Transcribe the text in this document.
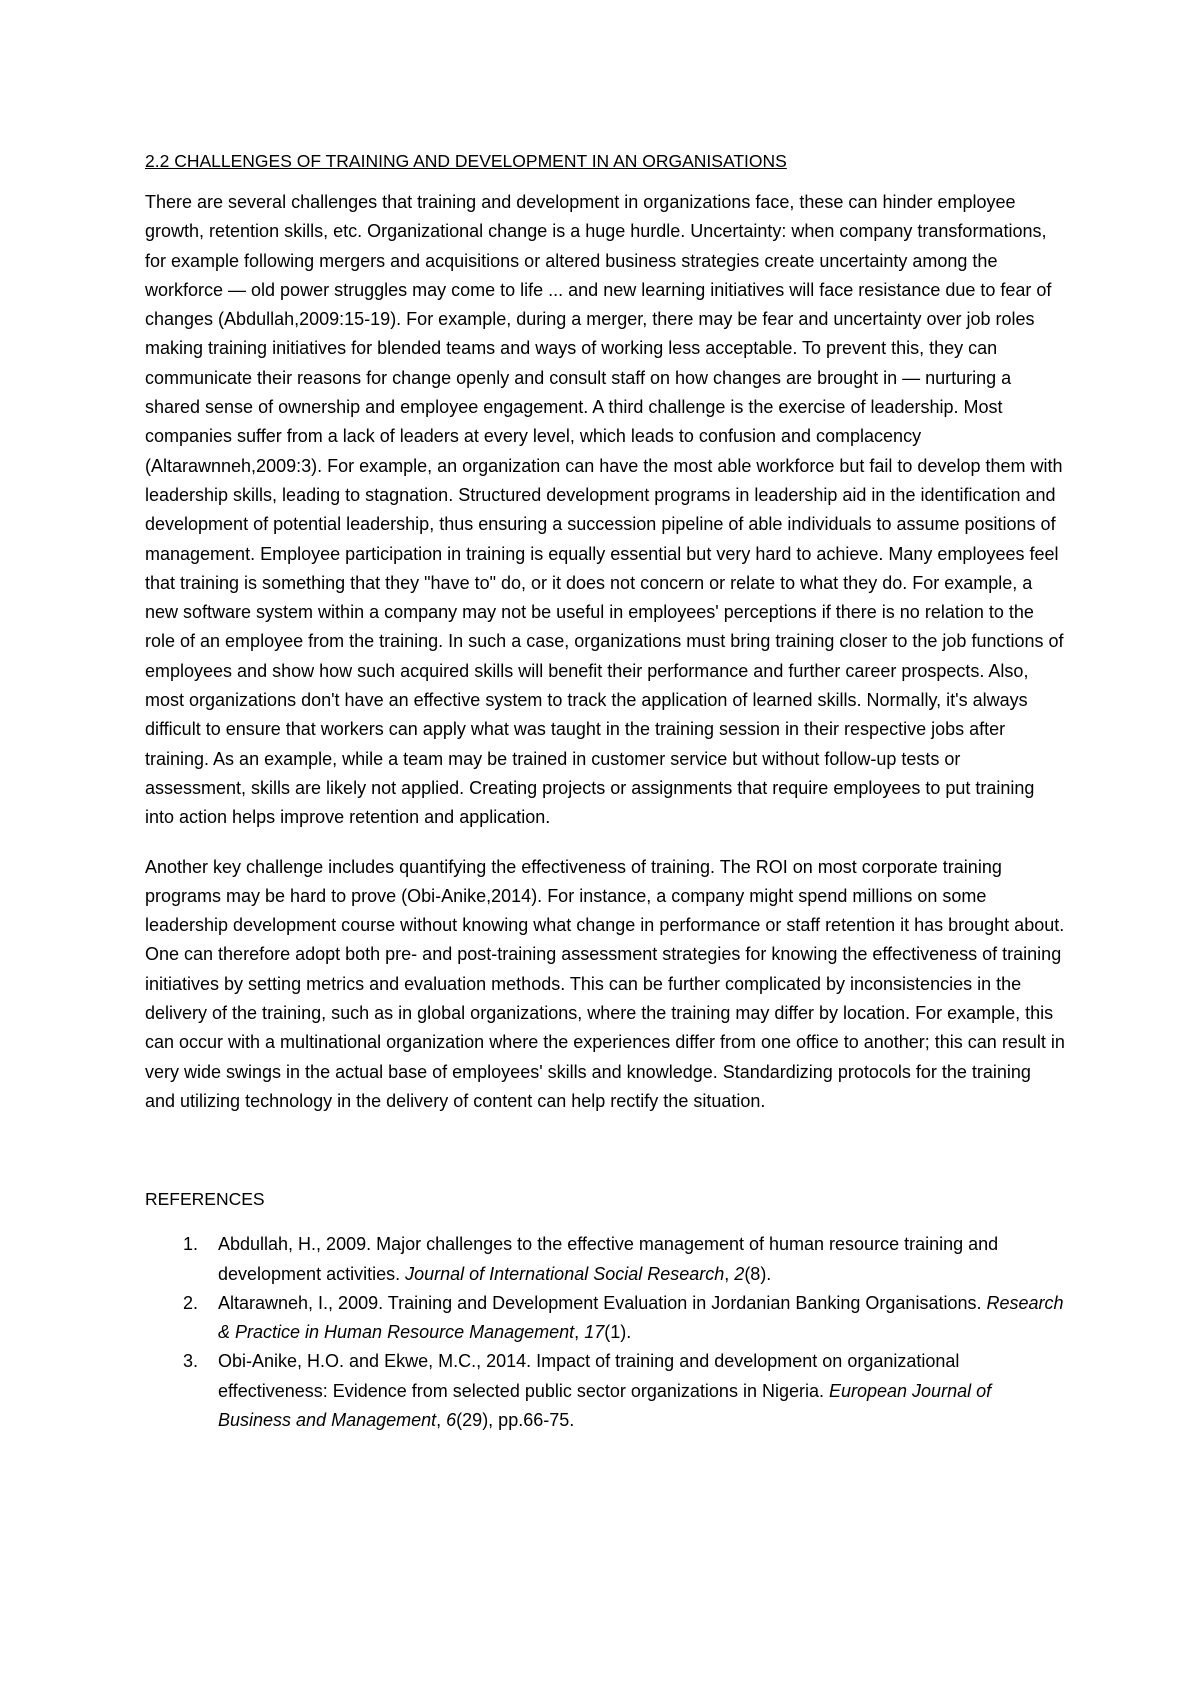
2.2 CHALLENGES OF TRAINING AND DEVELOPMENT IN AN ORGANISATIONS

There are several challenges that training and development in organizations face, these can hinder employee growth, retention skills, etc. Organizational change is a huge hurdle. Uncertainty: when company transformations, for example following mergers and acquisitions or altered business strategies create uncertainty among the workforce — old power struggles may come to life ... and new learning initiatives will face resistance due to fear of changes (Abdullah,2009:15-19). For example, during a merger, there may be fear and uncertainty over job roles making training initiatives for blended teams and ways of working less acceptable. To prevent this, they can communicate their reasons for change openly and consult staff on how changes are brought in — nurturing a shared sense of ownership and employee engagement. A third challenge is the exercise of leadership. Most companies suffer from a lack of leaders at every level, which leads to confusion and complacency (Altarawnneh,2009:3). For example, an organization can have the most able workforce but fail to develop them with leadership skills, leading to stagnation. Structured development programs in leadership aid in the identification and development of potential leadership, thus ensuring a succession pipeline of able individuals to assume positions of management. Employee participation in training is equally essential but very hard to achieve. Many employees feel that training is something that they "have to" do, or it does not concern or relate to what they do. For example, a new software system within a company may not be useful in employees' perceptions if there is no relation to the role of an employee from the training. In such a case, organizations must bring training closer to the job functions of employees and show how such acquired skills will benefit their performance and further career prospects. Also, most organizations don't have an effective system to track the application of learned skills. Normally, it's always difficult to ensure that workers can apply what was taught in the training session in their respective jobs after training. As an example, while a team may be trained in customer service but without follow-up tests or assessment, skills are likely not applied. Creating projects or assignments that require employees to put training into action helps improve retention and application.

Another key challenge includes quantifying the effectiveness of training. The ROI on most corporate training programs may be hard to prove (Obi-Anike,2014). For instance, a company might spend millions on some leadership development course without knowing what change in performance or staff retention it has brought about. One can therefore adopt both pre- and post-training assessment strategies for knowing the effectiveness of training initiatives by setting metrics and evaluation methods. This can be further complicated by inconsistencies in the delivery of the training, such as in global organizations, where the training may differ by location. For example, this can occur with a multinational organization where the experiences differ from one office to another; this can result in very wide swings in the actual base of employees' skills and knowledge. Standardizing protocols for the training and utilizing technology in the delivery of content can help rectify the situation.

REFERENCES

1. Abdullah, H., 2009. Major challenges to the effective management of human resource training and development activities. Journal of International Social Research, 2(8).
2. Altarawneh, I., 2009. Training and Development Evaluation in Jordanian Banking Organisations. Research & Practice in Human Resource Management, 17(1).
3. Obi-Anike, H.O. and Ekwe, M.C., 2014. Impact of training and development on organizational effectiveness: Evidence from selected public sector organizations in Nigeria. European Journal of Business and Management, 6(29), pp.66-75.
